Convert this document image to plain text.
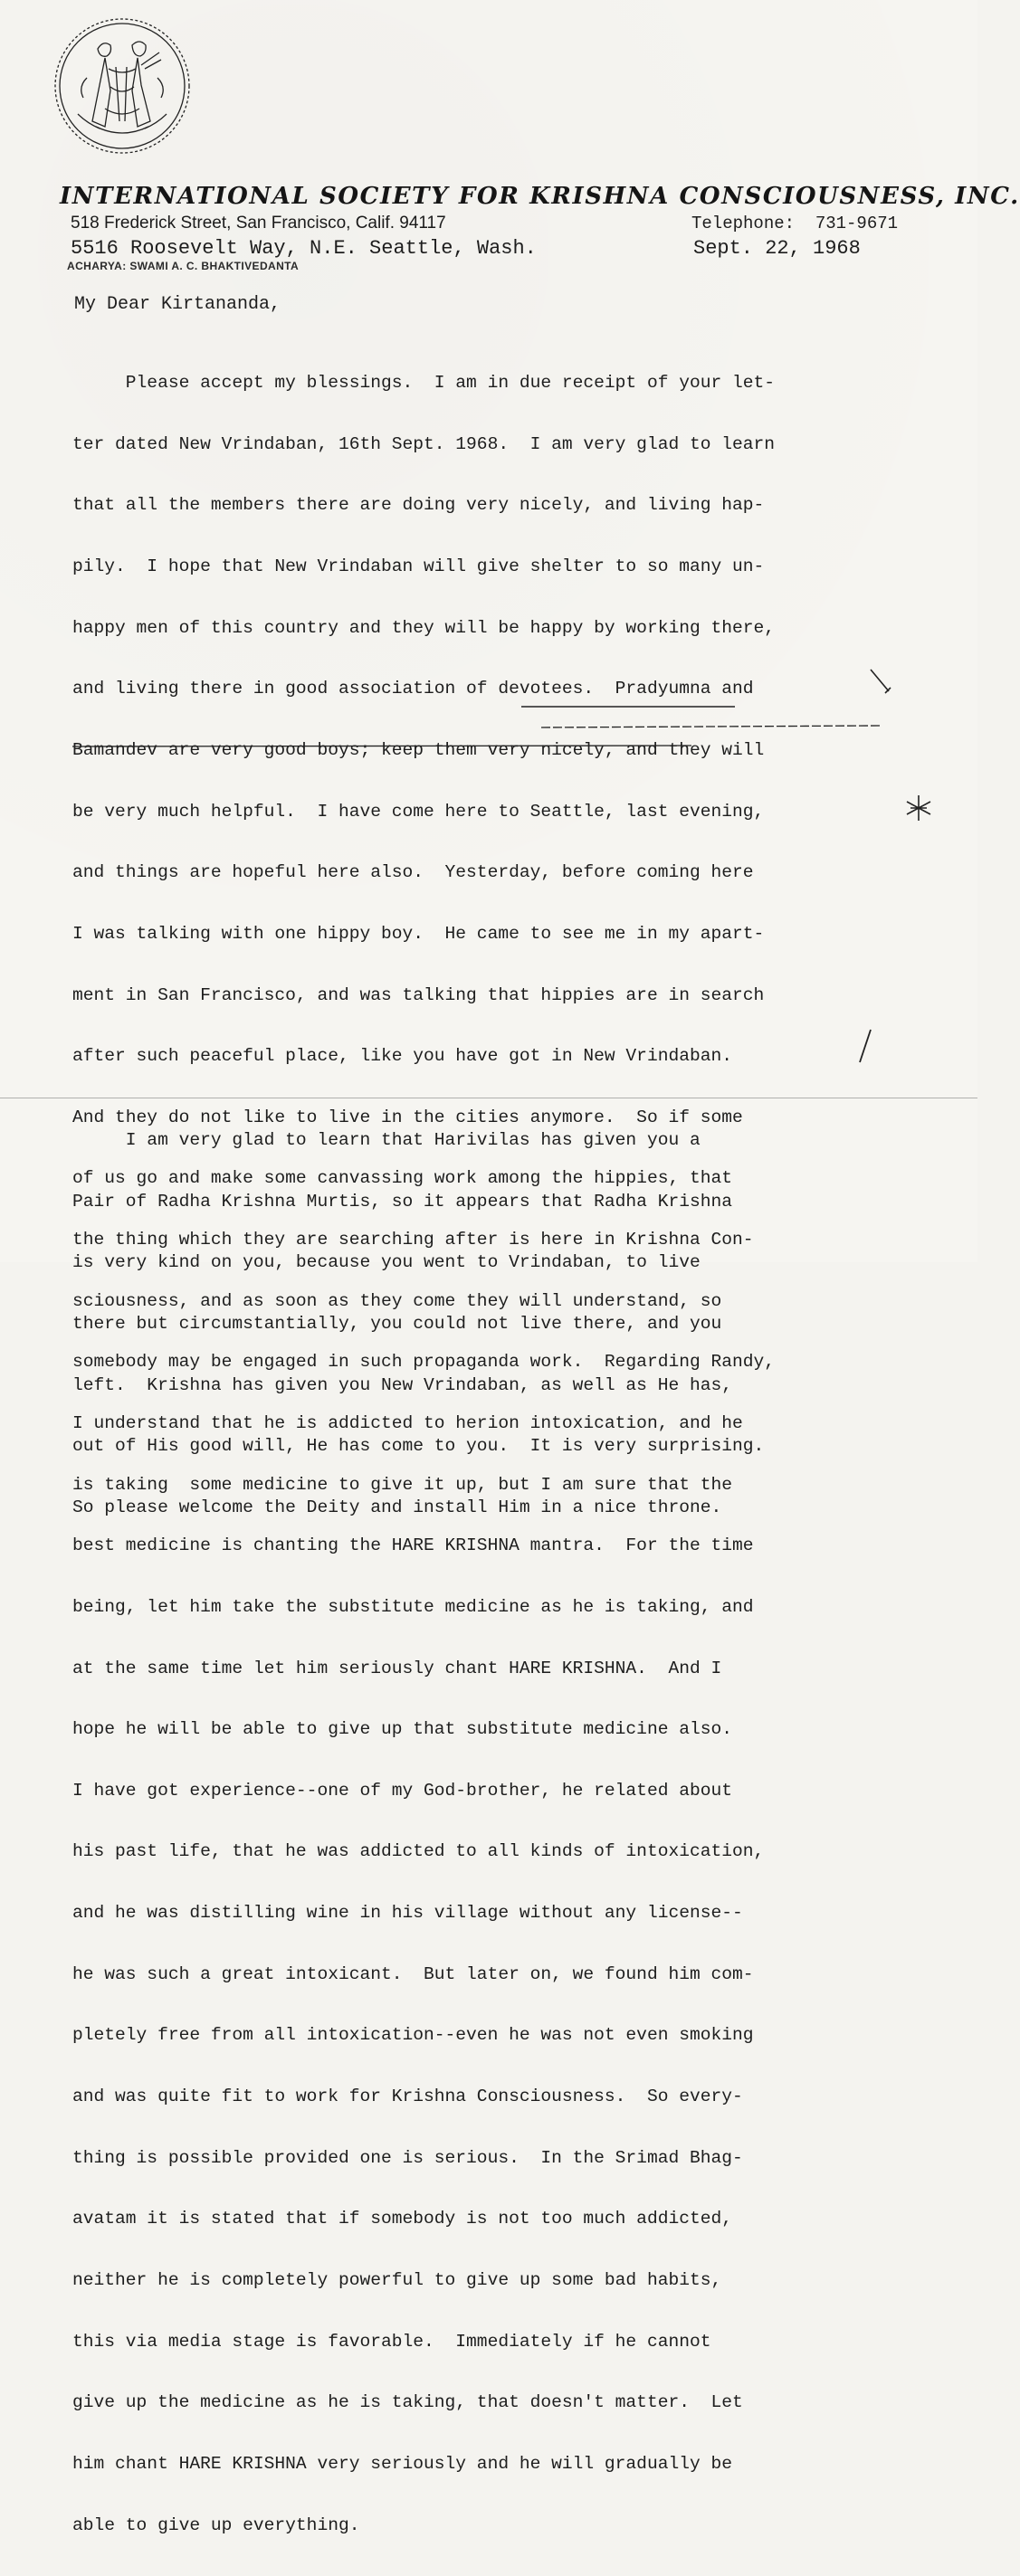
INTERNATIONAL SOCIETY FOR KRISHNA CONSCIOUSNESS, INC.
518 Frederick Street, San Francisco, Calif. 94117	Telephone:  731-9671
5516 Roosevelt Way, N.E. Seattle, Wash.
ACHARYA: SWAMI A. C. BHAKTIVEDANTA
Sept. 22, 1968
My Dear Kirtananda,

Please accept my blessings.  I am in due receipt of your let-

ter dated New Vrindaban, 16th Sept. 1968.  I am very glad to learn

that all the members there are doing very nicely, and living hap-

pily.  I hope that New Vrindaban will give shelter to so many un-

happy men of this country and they will be happy by working there,

and living there in good association of devotees.  Pradyumna and

Bamandev are very good boys; keep them very nicely, and they will

be very much helpful.  I have come here to Seattle, last evening,

and things are hopeful here also.  Yesterday, before coming here

I was talking with one hippy boy.  He came to see me in my apart-

ment in San Francisco, and was talking that hippies are in search

after such peaceful place, like you have got in New Vrindaban.

And they do not like to live in the cities anymore.  So if some

of us go and make some canvassing work among the hippies, that

the thing which they are searching after is here in Krishna Con-

sciousness, and as soon as they come they will understand, so

somebody may be engaged in such propaganda work.  Regarding Randy,

I understand that he is addicted to herion intoxication, and he

is taking  some medicine to give it up, but I am sure that the

best medicine is chanting the HARE KRISHNA mantra.  For the time

being, let him take the substitute medicine as he is taking, and

at the same time let him seriously chant HARE KRISHNA.  And I

hope he will be able to give up that substitute medicine also.

I have got experience--one of my God-brother, he related about

his past life, that he was addicted to all kinds of intoxication,

and he was distilling wine in his village without any license--

he was such a great intoxicant.  But later on, we found him com-

pletely free from all intoxication--even he was not even smoking

and was quite fit to work for Krishna Consciousness.  So every-

thing is possible provided one is serious.  In the Srimad Bhag-

avatam it is stated that if somebody is not too much addicted,

neither he is completely powerful to give up some bad habits,

this via media stage is favorable.  Immediately if he cannot

give up the medicine as he is taking, that doesn't matter.  Let

him chant HARE KRISHNA very seriously and he will gradually be

able to give up everything.

I am very glad to learn that Harivilas has given you a

Pair of Radha Krishna Murtis, so it appears that Radha Krishna

is very kind on you, because you went to Vrindaban, to live

there but circumstantially, you could not live there, and you

left.  Krishna has given you New Vrindaban, as well as He has,

out of His good will, He has come to you.  It is very surprising.

So please welcome the Deity and install Him in a nice throne.
